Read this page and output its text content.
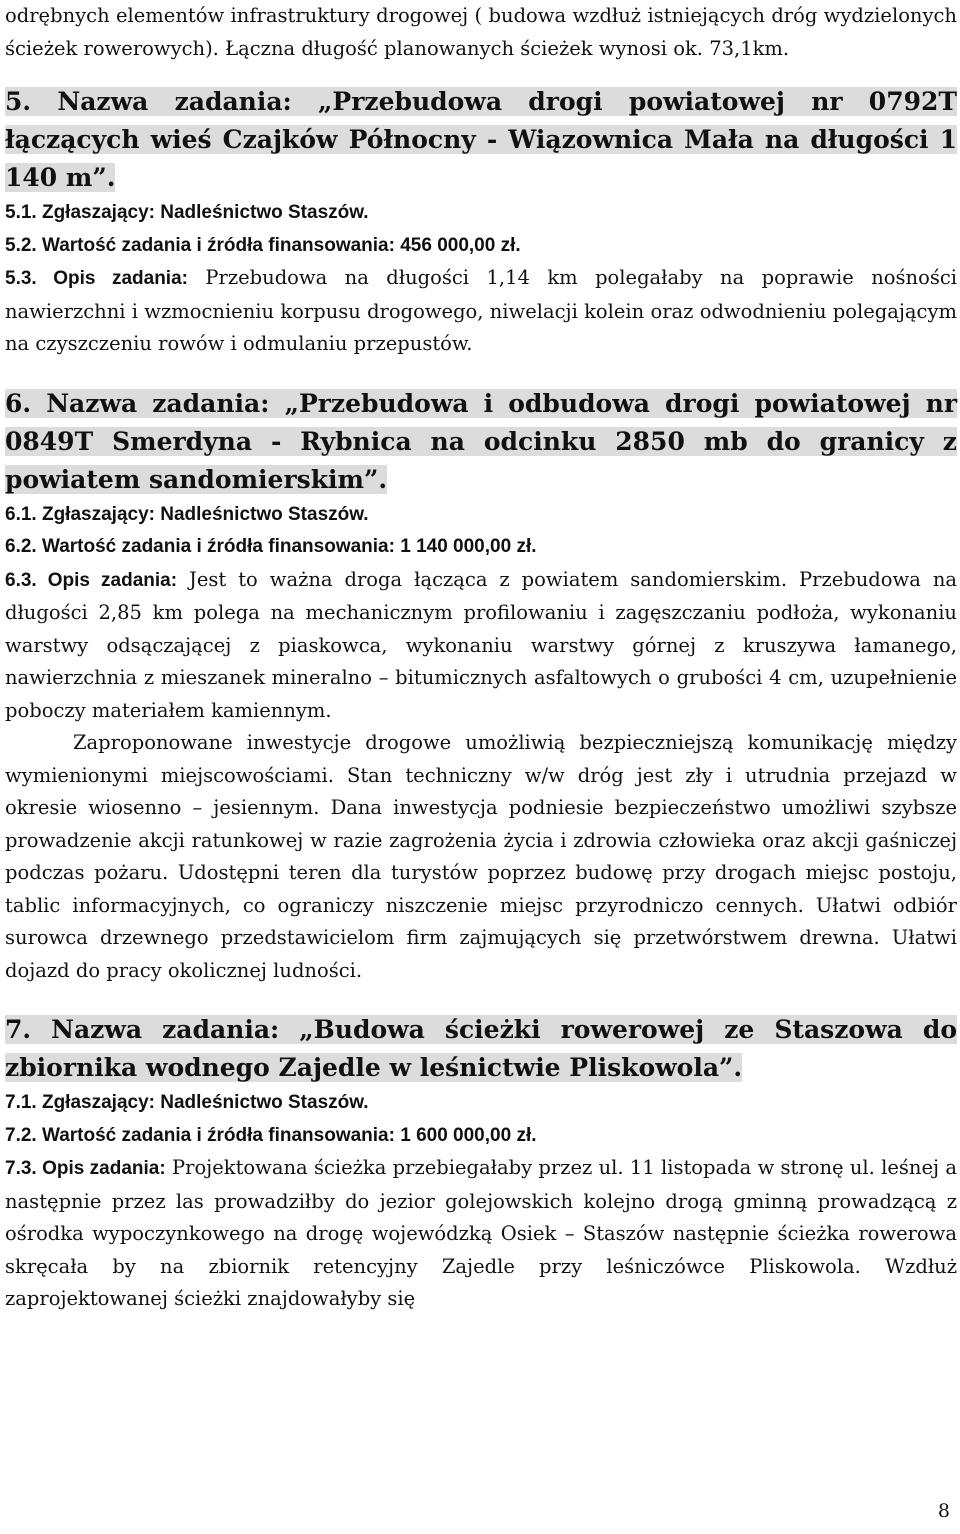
odrębnych elementów infrastruktury drogowej ( budowa wzdłuż istniejących dróg wydzielonych ścieżek rowerowych). Łączna długość planowanych ścieżek wynosi ok. 73,1km.

5. Nazwa zadania: „Przebudowa drogi powiatowej nr 0792T łączących wieś Czajków Północny - Wiązownica Mała na długości 1 140 m”.

5.1. Zgłaszający: Nadleśnictwo Staszów.

5.2. Wartość zadania i źródła finansowania: 456 000,00 zł.

5.3. Opis zadania: Przebudowa na długości 1,14 km polegałaby na poprawie nośności nawierzchni i wzmocnieniu korpusu drogowego, niwelacji kolein oraz odwodnieniu polegającym na czyszczeniu rowów i odmulaniu przepustów.

6. Nazwa zadania: „Przebudowa i odbudowa drogi powiatowej nr 0849T Smerdyna - Rybnica na odcinku 2850 mb do granicy z powiatem sandomierskim”.

6.1. Zgłaszający: Nadleśnictwo Staszów.

6.2. Wartość zadania i źródła finansowania: 1 140 000,00 zł.

6.3. Opis zadania: Jest to ważna droga łącząca z powiatem sandomierskim. Przebudowa na długości 2,85 km polega na mechanicznym profilowaniu i zagęszczaniu podłoża, wykonaniu warstwy odsączającej z piaskowca, wykonaniu warstwy górnej z kruszywa łamanego, nawierzchnia z mieszanek mineralno – bitumicznych asfaltowych o grubości 4 cm, uzupełnienie poboczy materiałem kamiennym.

Zaproponowane inwestycje drogowe umożliwią bezpieczniejszą komunikację między wymienionymi miejscowościami. Stan techniczny w/w dróg jest zły i utrudnia przejazd w okresie wiosenno – jesiennym. Dana inwestycja podniesie bezpieczeństwo umożliwi szybsze prowadzenie akcji ratunkowej w razie zagrożenia życia i zdrowia człowieka oraz akcji gaśniczej podczas pożaru. Udostępni teren dla turystów poprzez budowę przy drogach miejsc postoju, tablic informacyjnych, co ograniczy niszczenie miejsc przyrodniczo cennych. Ułatwi odbiór surowca drzewnego przedstawicielom firm zajmujących się przetwórstwem drewna. Ułatwi dojazd do pracy okolicznej ludności.

7. Nazwa zadania: „Budowa ścieżki rowerowej ze Staszowa do zbiornika wodnego Zajedle w leśnictwie Pliskowola”.

7.1. Zgłaszający: Nadleśnictwo Staszów.

7.2. Wartość zadania i źródła finansowania: 1 600 000,00 zł.

7.3. Opis zadania: Projektowana ścieżka przebiegałaby przez ul. 11 listopada w stronę ul. leśnej a następnie przez las prowadziłby do jezior golejowskich kolejno drogą gminną prowadzącą z ośrodka wypoczynkowego na drogę wojewódzką Osiek – Staszów następnie ścieżka rowerowa skręcała by na zbiornik retencyjny Zajedle przy leśniczówce Pliskowola. Wzdłuż zaprojektowanej ścieżki znajdowałyby się

8
